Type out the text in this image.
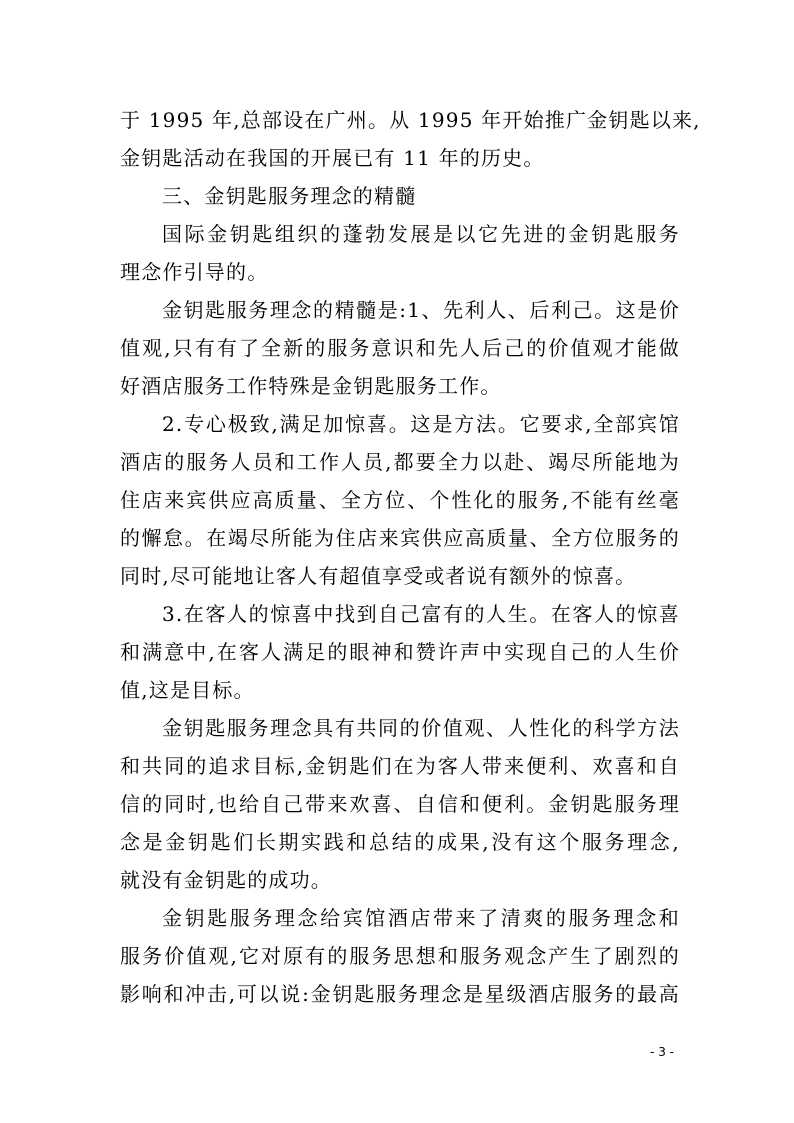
于 1995 年,总部设在广州。从 1995 年开始推广金钥匙以来,
金钥匙活动在我国的开展已有 11 年的历史。
三、金钥匙服务理念的精髓
国际金钥匙组织的蓬勃发展是以它先进的金钥匙服务
理念作引导的。
金钥匙服务理念的精髓是:1、先利人、后利己。这是价
值观,只有有了全新的服务意识和先人后己的价值观才能做
好酒店服务工作特殊是金钥匙服务工作。
2.专心极致,满足加惊喜。这是方法。它要求,全部宾馆
酒店的服务人员和工作人员,都要全力以赴、竭尽所能地为
住店来宾供应高质量、全方位、个性化的服务,不能有丝毫
的懈怠。在竭尽所能为住店来宾供应高质量、全方位服务的
同时,尽可能地让客人有超值享受或者说有额外的惊喜。
3.在客人的惊喜中找到自己富有的人生。在客人的惊喜
和满意中,在客人满足的眼神和赞许声中实现自己的人生价
值,这是目标。
金钥匙服务理念具有共同的价值观、人性化的科学方法
和共同的追求目标,金钥匙们在为客人带来便利、欢喜和自
信的同时,也给自己带来欢喜、自信和便利。金钥匙服务理
念是金钥匙们长期实践和总结的成果,没有这个服务理念,
就没有金钥匙的成功。
金钥匙服务理念给宾馆酒店带来了清爽的服务理念和
服务价值观,它对原有的服务思想和服务观念产生了剧烈的
影响和冲击,可以说:金钥匙服务理念是星级酒店服务的最高
- 3 -
